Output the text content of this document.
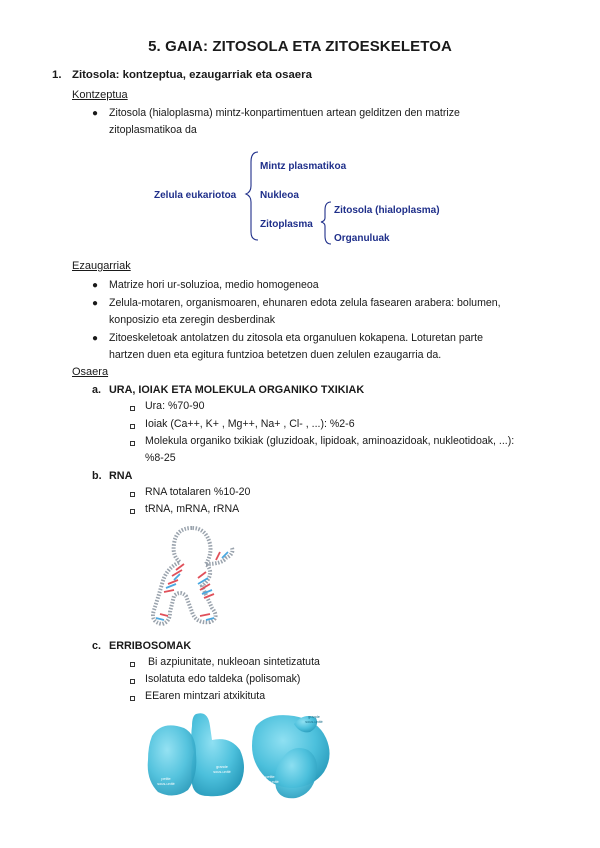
5. GAIA: ZITOSOLA ETA ZITOESKELETOA
1. Zitosola: kontzeptua, ezaugarriak eta osaera
Kontzeptua
● Zitosola (hialoplasma) mintz-konpartimentuen artean gelditzen den matrize
zitoplasmatikoa da
Zelula eukariotoa
Mintz plasmatikoa
Nukleoa
Zitoplasma
Zitosola (hialoplasma)
Organuluak
Ezaugarriak
● Matrize hori ur-soluzioa, medio homogeneoa
● Zelula-motaren, organismoaren, ehunaren edota zelula fasearen arabera: bolumen,
konposizio eta zeregin desberdinak
● Zitoeskeletoak antolatzen du zitosola eta organuluen kokapena. Loturetan parte
hartzen duen eta egitura funtzioa betetzen duen zelulen ezaugarria da.
Osaera
a. URA, IOIAK ETA MOLEKULA ORGANIKO TXIKIAK
Ura: %70-90
Ioiak (Ca++, K+ , Mg++, Na+ , Cl- , ...): %2-6
Molekula organiko txikiak (gluzidoak, lipidoak, aminoazidoak, nukleotidoak, ...):
%8-25
b. RNA
RNA totalaren %10-20
tRNA, mRNA, rRNA
c. ERRIBOSOMAK
Bi azpiunitate, nukleoan sintetizatuta
Isolatuta edo taldeka (polisomak)
EEaren mintzari atxikituta
grande sous-unité
petite sous-unité
grande sous-unité
petite sous-unité
